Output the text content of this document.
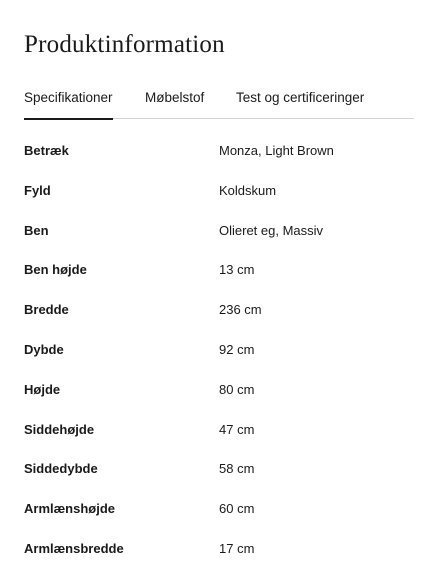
Produktinformation
Specifikationer Møbelstof Test og certificeringer
Betræk	Monza, Light Brown
Fyld	Koldskum
Ben	Olieret eg, Massiv
Ben højde	13 cm
Bredde	236 cm
Dybde	92 cm
Højde	80 cm
Siddehøjde	47 cm
Siddedybde	58 cm
Armlænshøjde	60 cm
Armlænsbredde	17 cm
